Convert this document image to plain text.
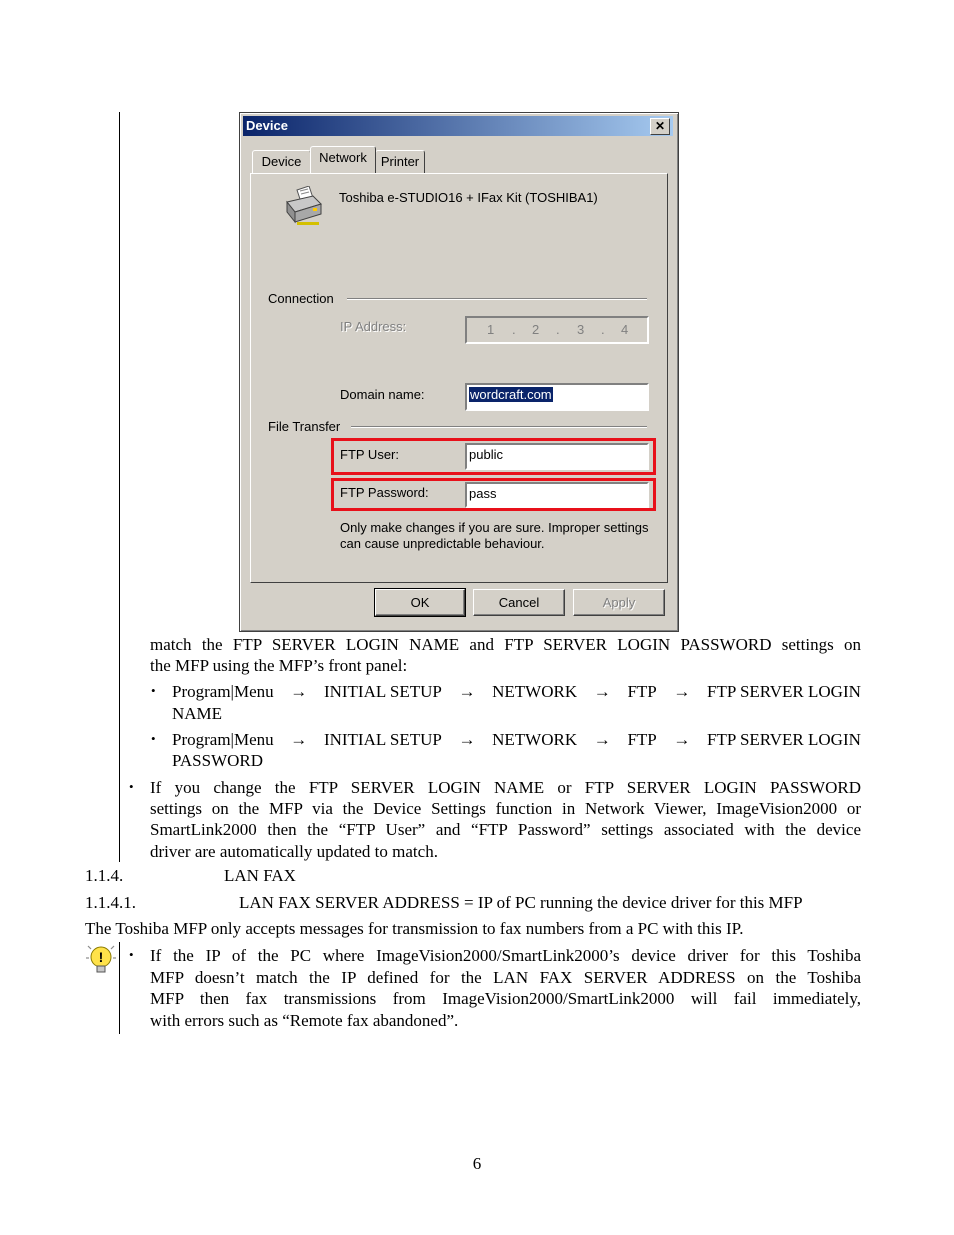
Device	✕
Device	Network	Printer
Toshiba e-STUDIO16 + IFax Kit (TOSHIBA1)
Connection
IP Address:	1 . 2 . 3 . 4
Domain name:	wordcraft.com
File Transfer
FTP User:	public
FTP Password:	pass
Only make changes if you are sure. Improper settings
can cause unpredictable behaviour.
OK	Cancel	Apply
match the FTP SERVER LOGIN NAME and FTP SERVER LOGIN PASSWORD settings on
the MFP using the MFP’s front panel:
• Program|Menu → INITIAL SETUP → NETWORK → FTP → FTP SERVER LOGIN
NAME
• Program|Menu → INITIAL SETUP → NETWORK → FTP → FTP SERVER LOGIN
PASSWORD
• If you change the FTP SERVER LOGIN NAME or FTP SERVER LOGIN PASSWORD
settings on the MFP via the Device Settings function in Network Viewer, ImageVision2000 or
SmartLink2000 then the “FTP User” and “FTP Password” settings associated with the device
driver are automatically updated to match.
1.1.4.	LAN FAX
1.1.4.1.	LAN FAX SERVER ADDRESS = IP of PC running the device driver for this MFP
The Toshiba MFP only accepts messages for transmission to fax numbers from a PC with this IP.
! • If the IP of the PC where ImageVision2000/SmartLink2000’s device driver for this Toshiba
MFP doesn’t match the IP defined for the LAN FAX SERVER ADDRESS on the Toshiba
MFP then fax transmissions from ImageVision2000/SmartLink2000 will fail immediately,
with errors such as “Remote fax abandoned”.
6
